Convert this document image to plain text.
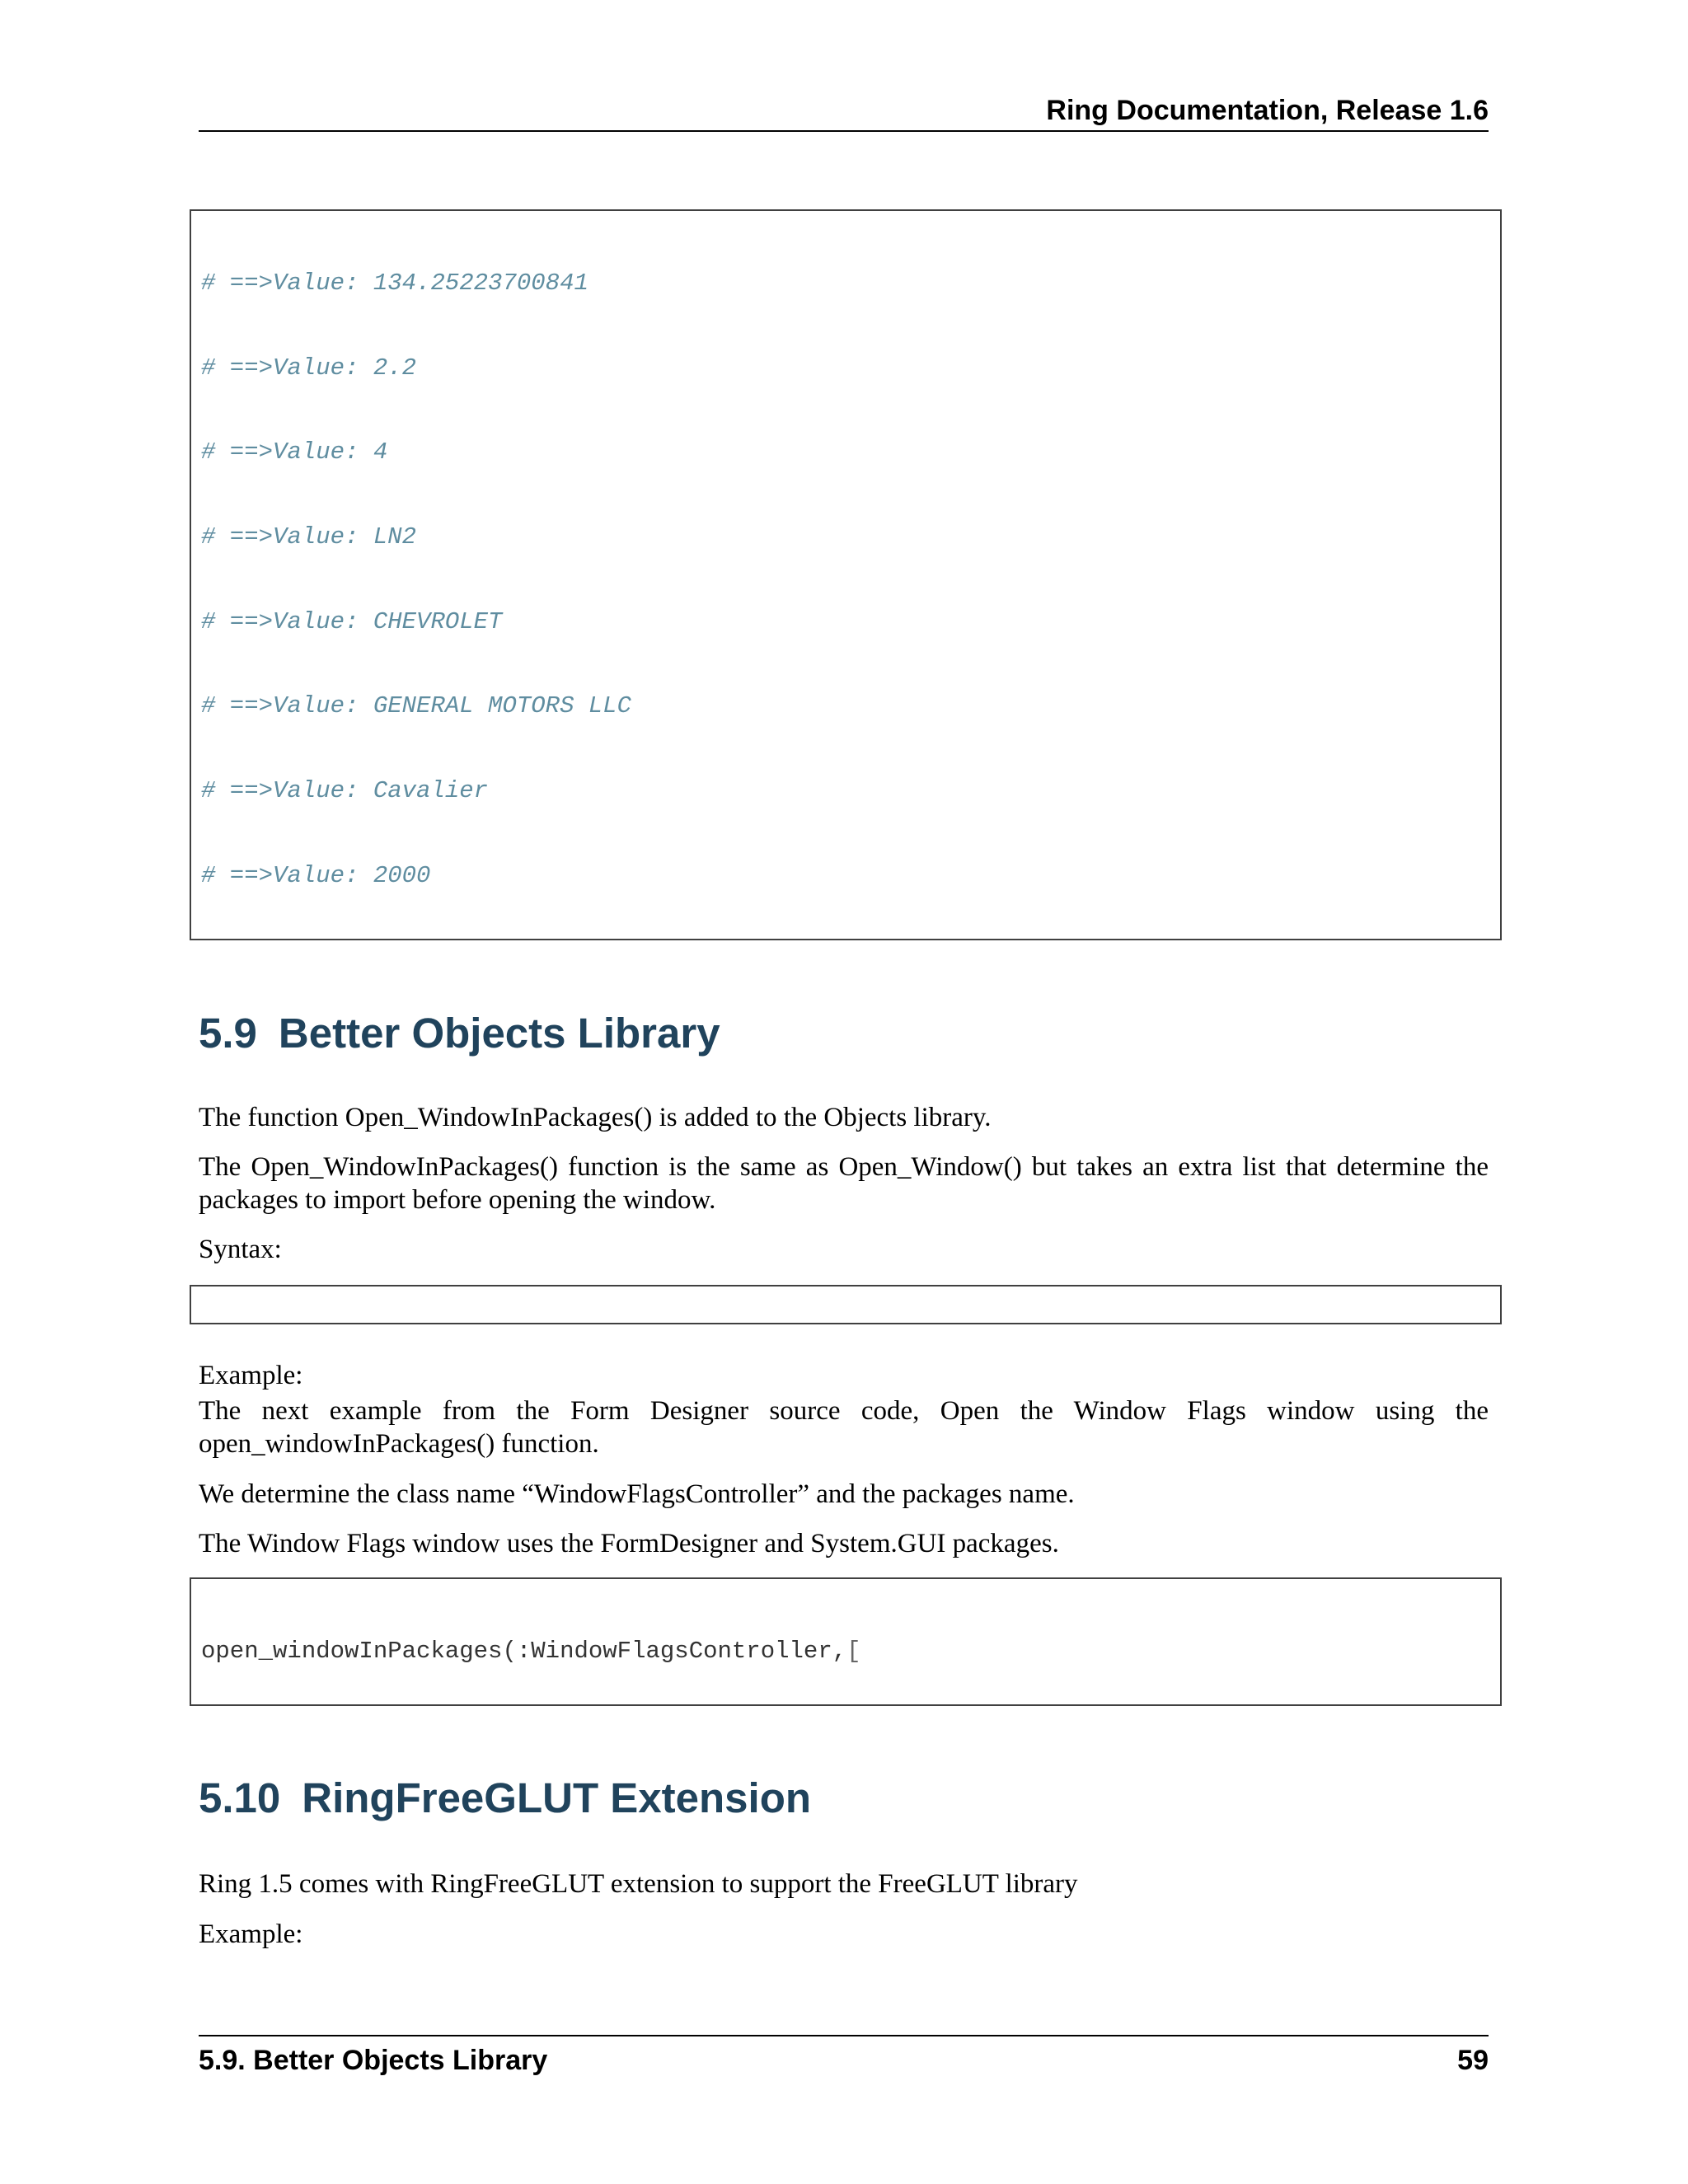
Ring Documentation, Release 1.6

# ==>Value: 134.25223700841

# ==>Value: 2.2

# ==>Value: 4

# ==>Value: LN2

# ==>Value: CHEVROLET

# ==>Value: GENERAL MOTORS LLC

# ==>Value: Cavalier

# ==>Value: 2000

5.9 Better Objects Library

The function Open_WindowInPackages() is added to the Objects library.

The Open_WindowInPackages() function is the same as Open_Window() but takes an extra list that determine the packages to import before opening the window.

Syntax:

Example:

The next example from the Form Designer source code, Open the Window Flags window using the
open_windowInPackages() function.

We determine the class name “WindowFlagsController” and the packages name.

The Window Flags window uses the FormDesigner and System.GUI packages.

open_windowInPackages(:WindowFlagsController,[

5.10 RingFreeGLUT Extension

Ring 1.5 comes with RingFreeGLUT extension to support the FreeGLUT library

Example:

5.9. Better Objects Library	59
